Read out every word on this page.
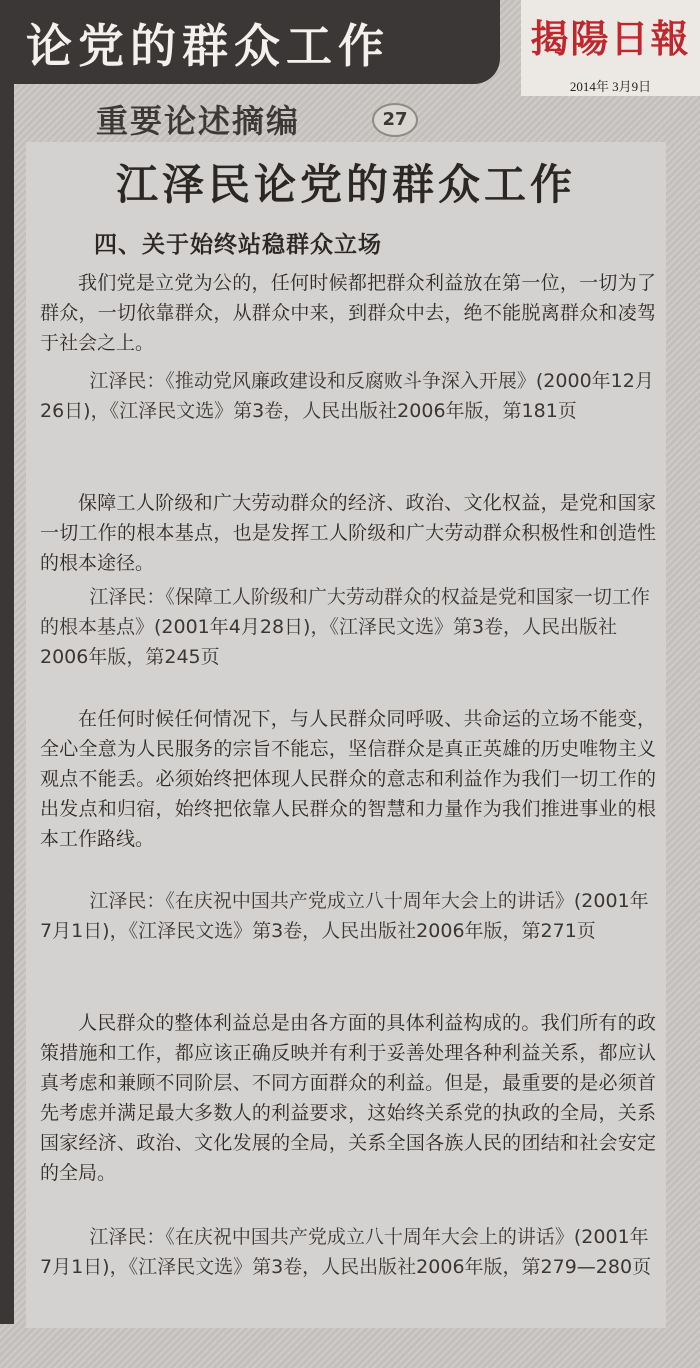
论党的群众工作	揭陽日報
2014年 3月9日
重要论述摘编	27
江泽民论党的群众工作
四、关于始终站稳群众立场

我们党是立党为公的，任何时候都把群众利益放在第一位，一切为了群众，一切依靠群众，从群众中来，到群众中去，绝不能脱离群众和凌驾于社会之上。

江泽民：《推动党风廉政建设和反腐败斗争深入开展》(2000年12月26日)，《江泽民文选》第3卷，人民出版社2006年版，第181页

保障工人阶级和广大劳动群众的经济、政治、文化权益，是党和国家一切工作的根本基点，也是发挥工人阶级和广大劳动群众积极性和创造性的根本途径。

江泽民：《保障工人阶级和广大劳动群众的权益是党和国家一切工作的根本基点》(2001年4月28日)，《江泽民文选》第3卷，人民出版社2006年版，第245页

在任何时候任何情况下，与人民群众同呼吸、共命运的立场不能变，全心全意为人民服务的宗旨不能忘，坚信群众是真正英雄的历史唯物主义观点不能丢。必须始终把体现人民群众的意志和利益作为我们一切工作的出发点和归宿，始终把依靠人民群众的智慧和力量作为我们推进事业的根本工作路线。

江泽民：《在庆祝中国共产党成立八十周年大会上的讲话》(2001年7月1日)，《江泽民文选》第3卷，人民出版社2006年版，第271页

人民群众的整体利益总是由各方面的具体利益构成的。我们所有的政策措施和工作，都应该正确反映并有利于妥善处理各种利益关系，都应认真考虑和兼顾不同阶层、不同方面群众的利益。但是，最重要的是必须首先考虑并满足最大多数人的利益要求，这始终关系党的执政的全局，关系国家经济、政治、文化发展的全局，关系全国各族人民的团结和社会安定的全局。

江泽民：《在庆祝中国共产党成立八十周年大会上的讲话》(2001年7月1日)，《江泽民文选》第3卷，人民出版社2006年版，第279—280页
